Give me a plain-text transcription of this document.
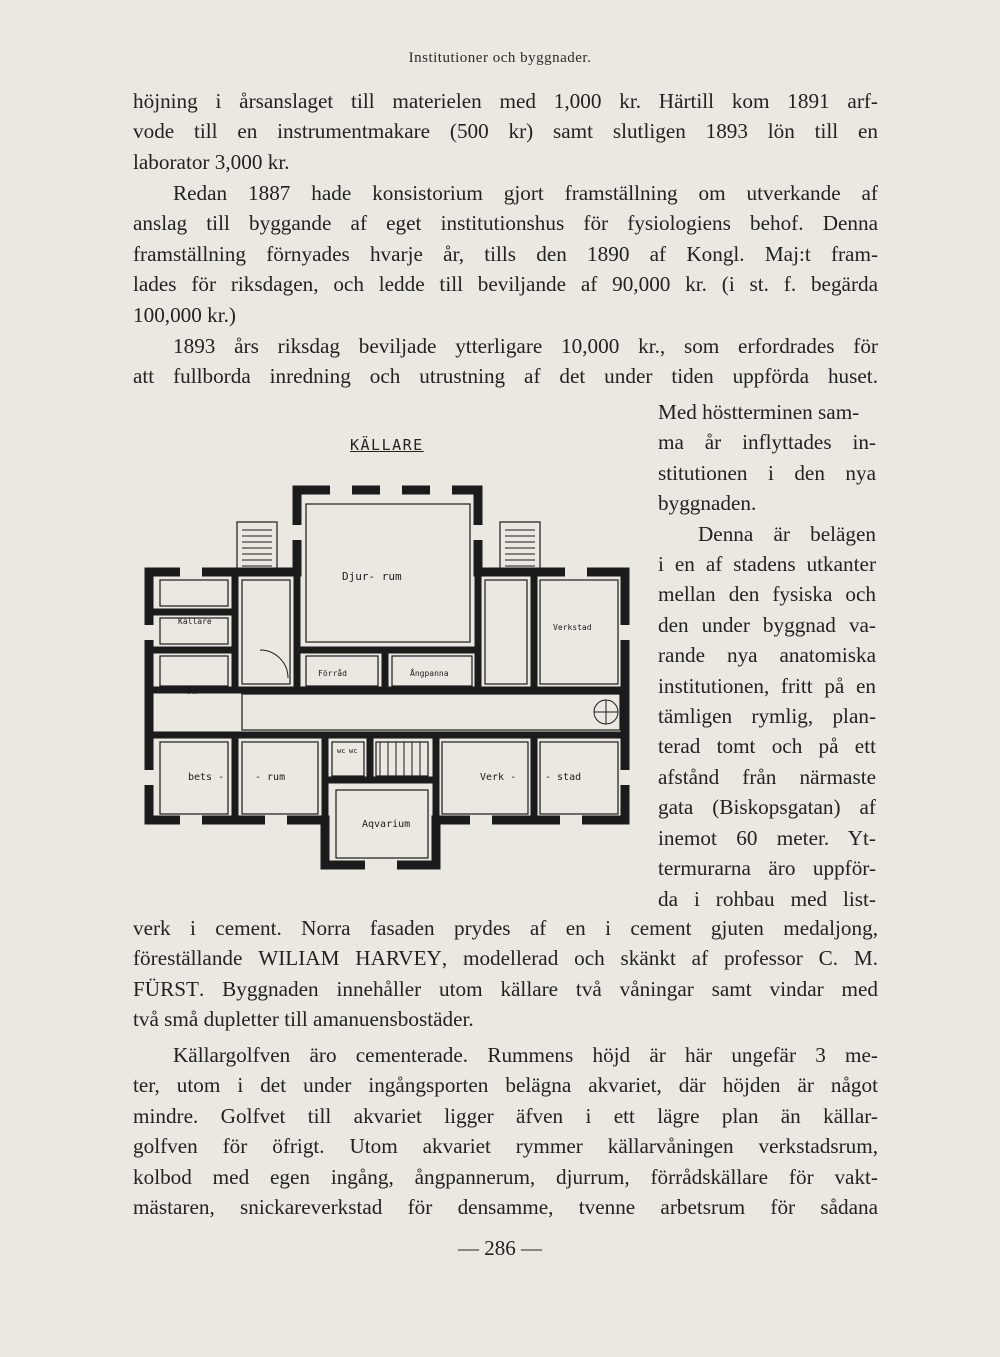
Institutioner och byggnader.
höjning i årsanslaget till materielen med 1,000 kr. Härtill kom 1891 arf-
vode till en instrumentmakare (500 kr) samt slutligen 1893 lön till en
laborator 3,000 kr.
Redan 1887 hade konsistorium gjort framställning om utverkande af
anslag till byggande af eget institutionshus för fysiologiens behof. Denna
framställning förnyades hvarje år, tills den 1890 af Kongl. Maj:t fram-
lades för riksdagen, och ledde till beviljande af 90,000 kr. (i st. f. begärda
100,000 kr.)
1893 års riksdag beviljade ytterligare 10,000 kr., som erfordrades för
att fullborda inredning och utrustning af det under tiden uppförda huset.
KÄLLARE
Djur- rum
Källare
Verkstad
Förråd	Ångpanna
Ar-
bets -	- rum	Verk -	- stad
wc wc
Aqvarium
Med höstterminen sam-
ma år inflyttades in-
stitutionen i den nya
byggnaden.
Denna är belägen
i en af stadens utkanter
mellan den fysiska och
den under byggnad va-
rande nya anatomiska
institutionen, fritt på en
tämligen rymlig, plan-
terad tomt och på ett
afstånd från närmaste
gata (Biskopsgatan) af
inemot 60 meter. Yt-
termurarna äro uppför-
da i rohbau med list-
verk i cement. Norra fasaden prydes af en i cement gjuten medaljong,
föreställande WILIAM HARVEY, modellerad och skänkt af professor C. M.
FÜRST. Byggnaden innehåller utom källare två våningar samt vindar med
två små dupletter till amanuensbostäder.
Källargolfven äro cementerade. Rummens höjd är här ungefär 3 me-
ter, utom i det under ingångsporten belägna akvariet, där höjden är något
mindre. Golfvet till akvariet ligger äfven i ett lägre plan än källar-
golfven för öfrigt. Utom akvariet rymmer källarvåningen verkstadsrum,
kolbod med egen ingång, ångpannerum, djurrum, förrådskällare för vakt-
mästaren, snickareverkstad för densamme, tvenne arbetsrum för sådana
— 286 —
